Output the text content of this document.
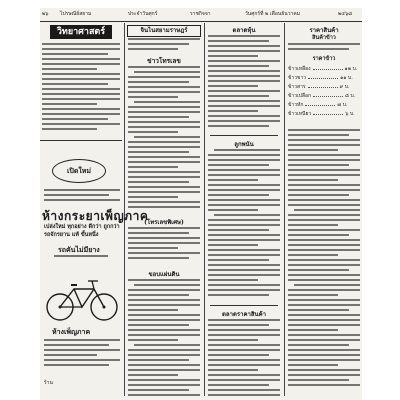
๒๖ ไปรษณีย์สยาม	ประจำวันศุกร์	ราชกิจจา	วันศุกร์ที่ ๒ เดือนธันวาคม	๒๔๖๘
วิทยาศาสตร์
เปิดใหม่
ห้างกระยาเพ็ญภาค
เปล่งใหม่ ทุกอย่าง ดีกว่า ถูกกว่า
รถจักรยาน แท้ ขั้นหนึ่ง
รถคันไม่มียาง
ห้างเพ็ญภาค
ร้าน
จินไนสยามราษฎร์
ข่าวโทรเลข
(โทรเลขพิเศษ)
ขอบแผ่นดิน
ตลาดหุ้น
ลูกพนัน
ตลาดราคาสินค้า
ราคาสินค้า
สินค้าข้าว
ราคาข้าว
ข้าวเหลือง	๑๒ บ.
ข้าวขาว	๑๑ บ.
ข้าวสาร	๙ บ.
ข้าวเปลือก	๘ บ.
ข้าวหัก	๗ บ.
ข้าวเหนียว	๖ บ.
